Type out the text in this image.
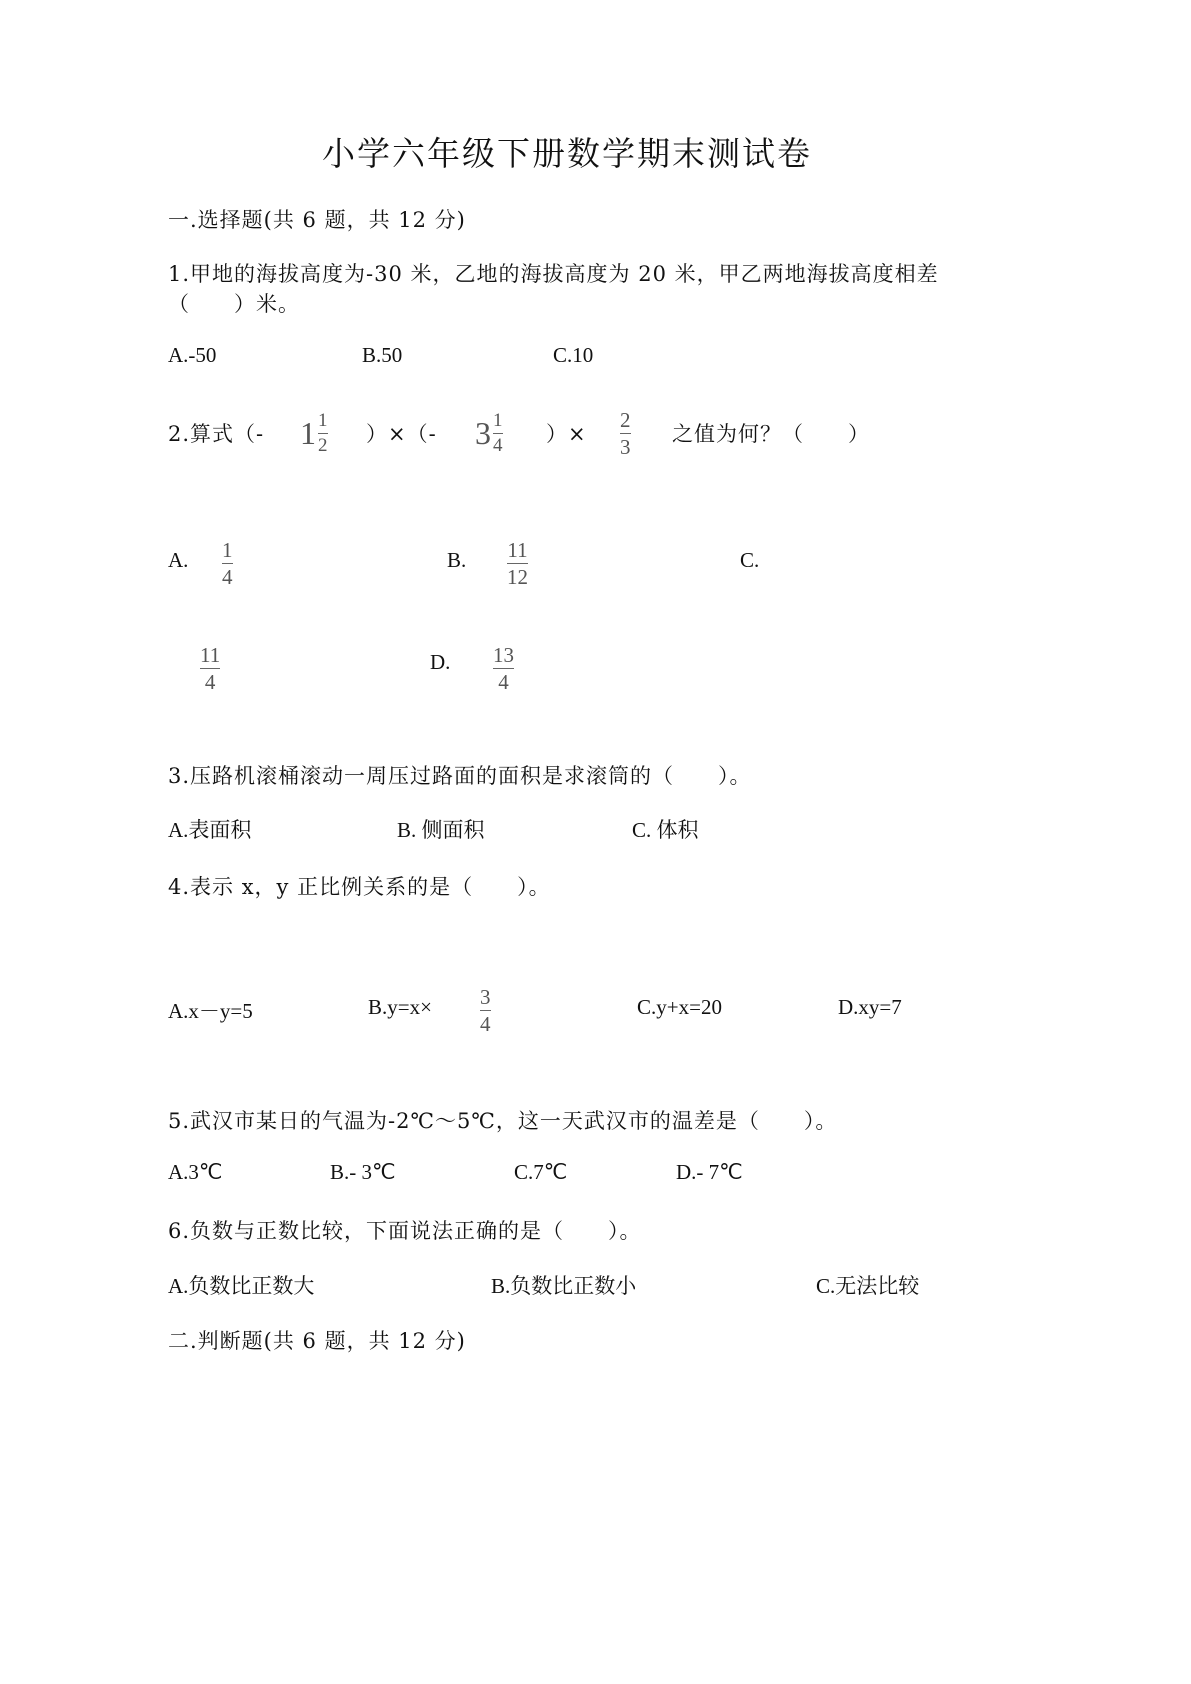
小学六年级下册数学期末测试卷
一.选择题(共 6 题，共 12 分)
1.甲地的海拔高度为-30 米，乙地的海拔高度为 20 米，甲乙两地海拔高度相差
（　　）米。
A.-50	B.50	C.10
2.算式（- $1 \frac{1}{2}$ ）×（- $3 \frac{1}{4}$ ）×
2
3
之值为何？（　　）
A. 1
4
B. 11
12
C.
11
4
D. 13
4
3.压路机滚桶滚动一周压过路面的面积是求滚筒的（　　）。
A.表面积	B. 侧面积	C. 体积
4.表示 x，y 正比例关系的是（　　）。
A.x－y=5	B.y=x× 3
4
C.y+x=20	D.xy=7
5.武汉市某日的气温为-2℃～5℃，这一天武汉市的温差是（　　）。
A.3℃	B.- 3℃	C.7℃	D.- 7℃
6.负数与正数比较，下面说法正确的是（　　）。
A.负数比正数大	B.负数比正数小	C.无法比较
二.判断题(共 6 题，共 12 分)
